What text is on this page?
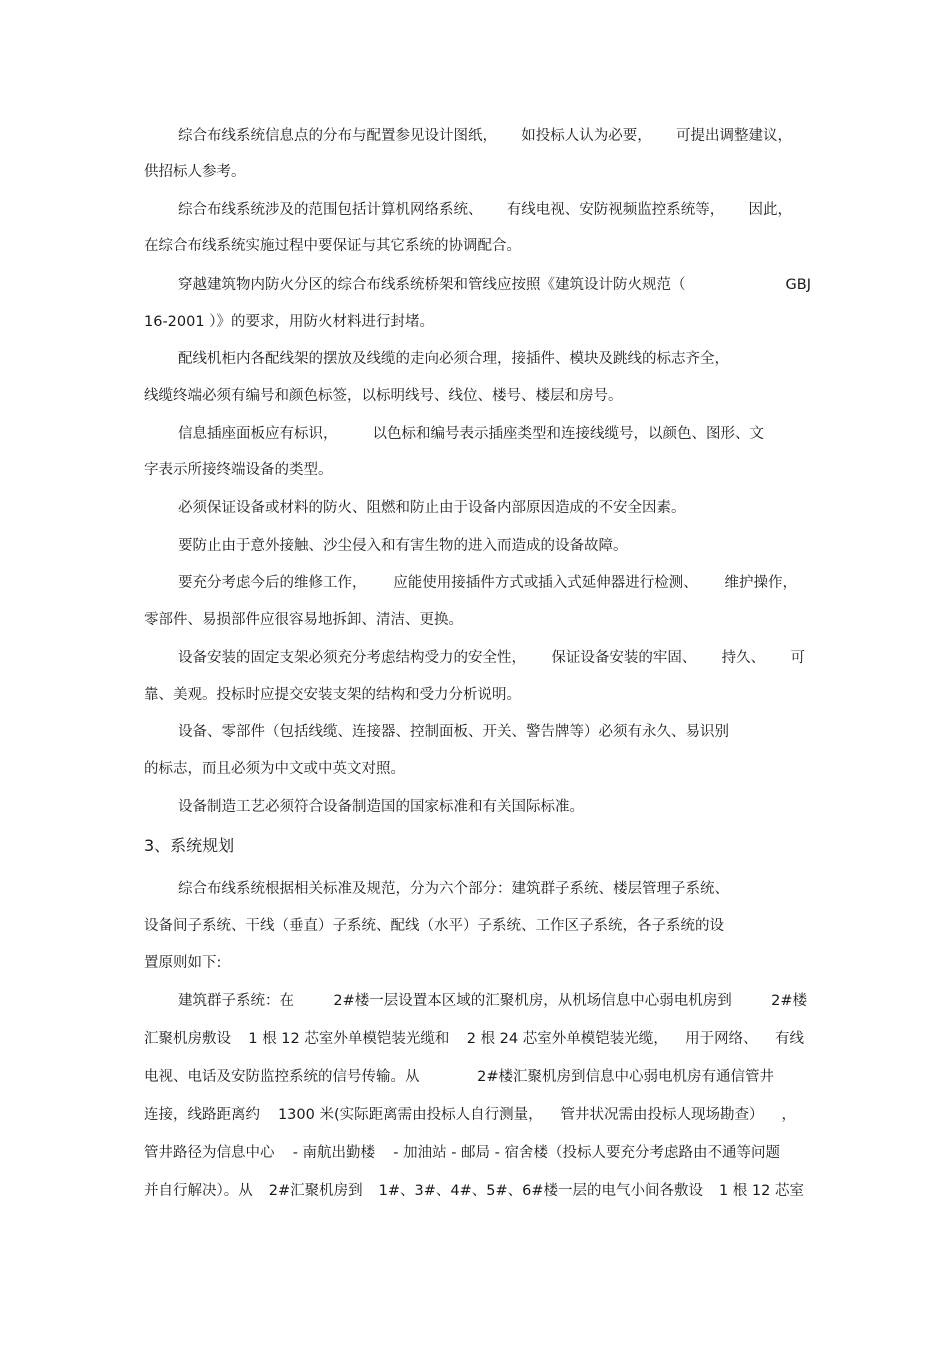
综合布线系统信息点的分布与配置参见设计图纸， 如投标人认为必要， 可提出调整建议，
供招标人参考。
综合布线系统涉及的范围包括计算机网络系统、 有线电视、安防视频监控系统等， 因此，
在综合布线系统实施过程中要保证与其它系统的协调配合。
穿越建筑物内防火分区的综合布线系统桥架和管线应按照《建筑设计防火规范（	GBJ
16-2001 ）》的要求，用防火材料进行封堵。
配线机柜内各配线架的摆放及线缆的走向必须合理，接插件、模块及跳线的标志齐全，
线缆终端必须有编号和颜色标签，以标明线号、线位、楼号、楼层和房号。
信息插座面板应有标识， 以色标和编号表示插座类型和连接线缆号，以颜色、图形、文
字表示所接终端设备的类型。
必须保证设备或材料的防火、阻燃和防止由于设备内部原因造成的不安全因素。
要防止由于意外接触、沙尘侵入和有害生物的进入而造成的设备故障。
要充分考虑今后的维修工作， 应能使用接插件方式或插入式延伸器进行检测、 维护操作，
零部件、易损部件应很容易地拆卸、清洁、更换。
设备安装的固定支架必须充分考虑结构受力的安全性， 保证设备安装的牢固、 持久、 可
靠、美观。投标时应提交安装支架的结构和受力分析说明。
设备、零部件（包括线缆、连接器、控制面板、开关、警告牌等）必须有永久、易识别
的标志，而且必须为中文或中英文对照。
设备制造工艺必须符合设备制造国的国家标准和有关国际标准。
3、系统规划
综合布线系统根据相关标准及规范，分为六个部分：建筑群子系统、楼层管理子系统、
设备间子系统、干线（垂直）子系统、配线（水平）子系统、工作区子系统，各子系统的设
置原则如下:
建筑群子系统：在	2#楼一层设置本区域的汇聚机房，从机场信息中心弱电机房到	2#楼
汇聚机房敷设 1 根 12 芯室外单模铠装光缆和 2 根 24 芯室外单模铠装光缆， 用于网络、 有线
电视、电话及安防监控系统的信号传输。从	2#楼汇聚机房到信息中心弱电机房有通信管井
连接，线路距离约 1300 米(实际距离需由投标人自行测量， 管井状况需由投标人现场勘查） ，
管井路径为信息中心 - 南航出勤楼 - 加油站 - 邮局 - 宿舍楼（投标人要充分考虑路由不通等问题
并自行解决）。从 2#汇聚机房到 1#、3#、4#、5#、6#楼一层的电气小间各敷设 1 根 12 芯室
